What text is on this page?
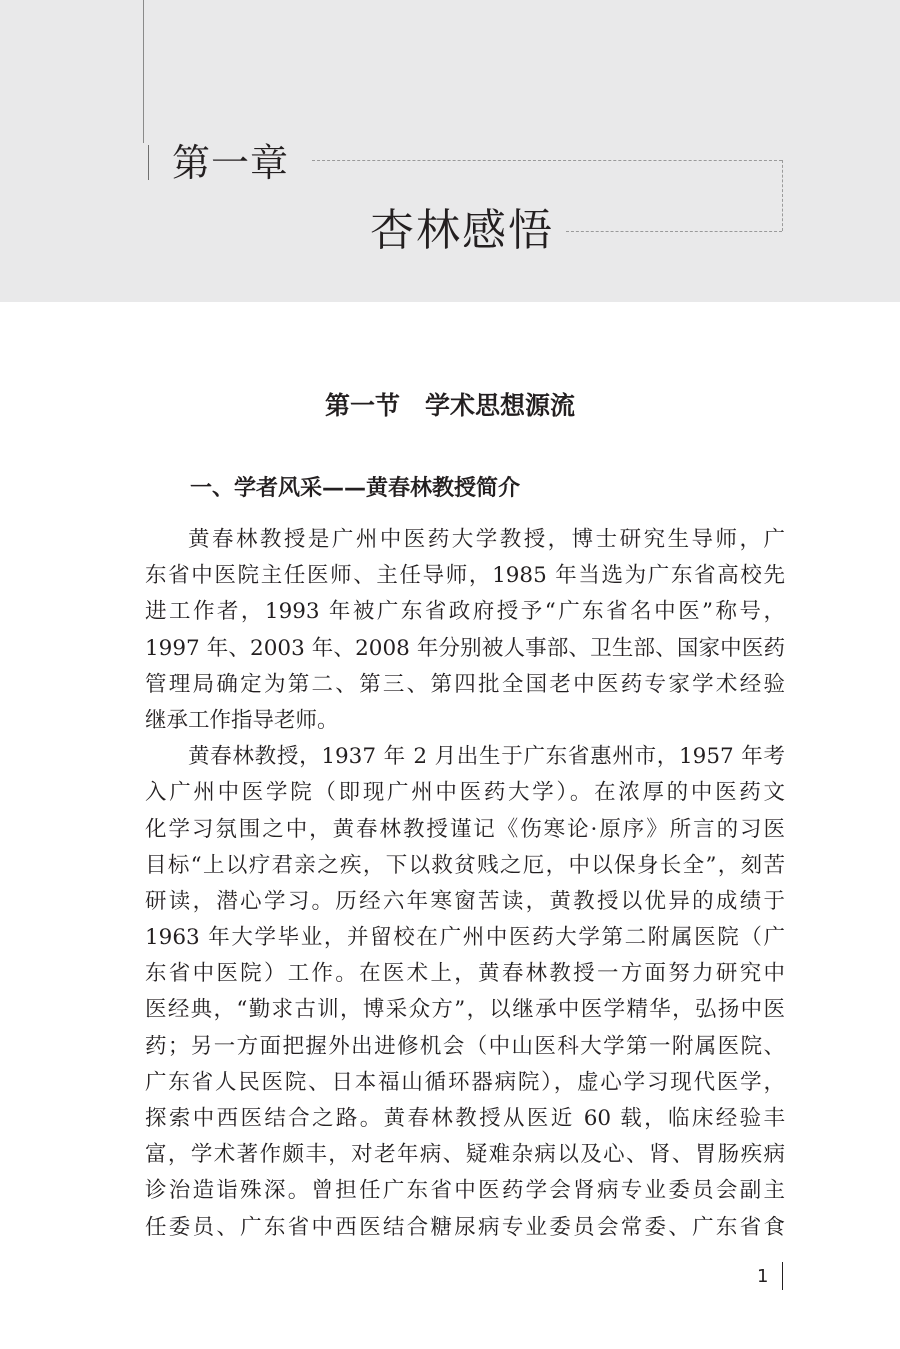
第一章
杏林感悟
第一节　学术思想源流
一、学者风采——黄春林教授简介
黄春林教授是广州中医药大学教授，博士研究生导师，广
东省中医院主任医师、主任导师，1985 年当选为广东省高校先
进工作者，1993 年被广东省政府授予“广东省名中医”称号，
1997 年、2003 年、2008 年分别被人事部、卫生部、国家中医药
管理局确定为第二、第三、第四批全国老中医药专家学术经验
继承工作指导老师。
黄春林教授，1937 年 2 月出生于广东省惠州市，1957 年考
入广州中医学院（即现广州中医药大学）。在浓厚的中医药文
化学习氛围之中，黄春林教授谨记《伤寒论·原序》所言的习医
目标“上以疗君亲之疾，下以救贫贱之厄，中以保身长全”，刻苦
研读，潜心学习。历经六年寒窗苦读，黄教授以优异的成绩于
1963 年大学毕业，并留校在广州中医药大学第二附属医院（广
东省中医院）工作。在医术上，黄春林教授一方面努力研究中
医经典，“勤求古训，博采众方”，以继承中医学精华，弘扬中医
药；另一方面把握外出进修机会（中山医科大学第一附属医院、
广东省人民医院、日本福山循环器病院），虚心学习现代医学，
探索中西医结合之路。黄春林教授从医近 60 载，临床经验丰
富，学术著作颇丰，对老年病、疑难杂病以及心、肾、胃肠疾病
诊治造诣殊深。曾担任广东省中医药学会肾病专业委员会副主
任委员、广东省中西医结合糖尿病专业委员会常委、广东省食
1
